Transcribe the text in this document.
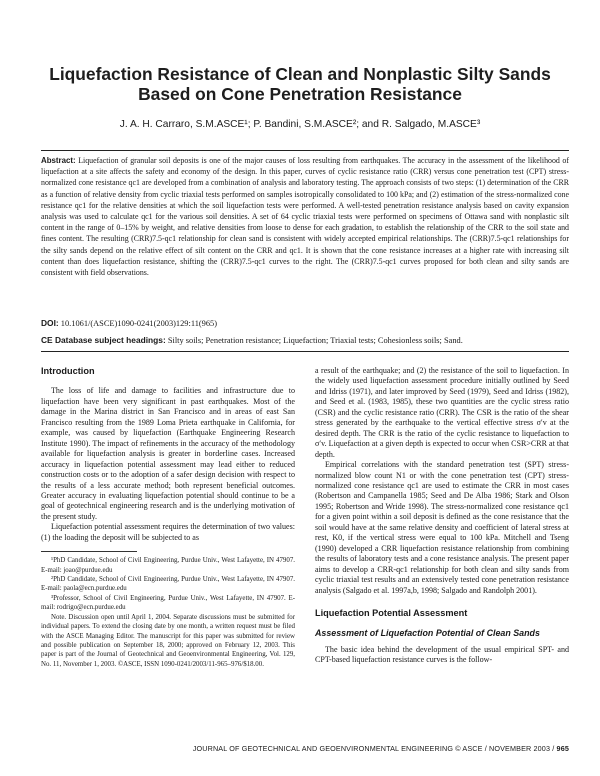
Liquefaction Resistance of Clean and Nonplastic Silty Sands
Based on Cone Penetration Resistance
J. A. H. Carraro, S.M.ASCE¹; P. Bandini, S.M.ASCE²; and R. Salgado, M.ASCE³
Abstract: Liquefaction of granular soil deposits is one of the major causes of loss resulting from earthquakes. The accuracy in the assessment of the likelihood of liquefaction at a site affects the safety and economy of the design. In this paper, curves of cyclic resistance ratio (CRR) versus cone penetration test (CPT) stress-normalized cone resistance qc1 are developed from a combination of analysis and laboratory testing. The approach consists of two steps: (1) determination of the CRR as a function of relative density from cyclic triaxial tests performed on samples isotropically consolidated to 100 kPa; and (2) estimation of the stress-normalized cone resistance qc1 for the relative densities at which the soil liquefaction tests were performed. A well-tested penetration resistance analysis based on cavity expansion analysis was used to calculate qc1 for the various soil densities. A set of 64 cyclic triaxial tests were performed on specimens of Ottawa sand with nonplastic silt content in the range of 0–15% by weight, and relative densities from loose to dense for each gradation, to establish the relationship of the CRR to the soil state and fines content. The resulting (CRR)7.5-qc1 relationship for clean sand is consistent with widely accepted empirical relationships. The (CRR)7.5-qc1 relationships for the silty sands depend on the relative effect of silt content on the CRR and qc1. It is shown that the cone resistance increases at a higher rate with increasing silt content than does liquefaction resistance, shifting the (CRR)7.5-qc1 curves to the right. The (CRR)7.5-qc1 curves proposed for both clean and silty sands are consistent with field observations.
DOI: 10.1061/(ASCE)1090-0241(2003)129:11(965)
CE Database subject headings: Silty soils; Penetration resistance; Liquefaction; Triaxial tests; Cohesionless soils; Sand.
Introduction

The loss of life and damage to facilities and infrastructure due to liquefaction have been very significant in past earthquakes. Most of the damage in the Marina district in San Francisco and in areas of east San Francisco resulting from the 1989 Loma Prieta earthquake in California, for example, was caused by liquefaction (Earthquake Engineering Research Institute 1990). The impact of refinements in the accuracy of the methodology available for liquefaction analysis is greater in borderline cases. Increased accuracy in liquefaction potential assessment may lead either to reduced construction costs or to the adoption of a safer design decision with respect to the results of a less accurate method; both represent beneficial outcomes. Greater accuracy in evaluating liquefaction potential should continue to be a goal of geotechnical engineering research and is the underlying motivation of the present study.

Liquefaction potential assessment requires the determination of two values: (1) the loading the deposit will be subjected to as

¹PhD Candidate, School of Civil Engineering, Purdue Univ., West Lafayette, IN 47907. E-mail: joao@purdue.edu

²PhD Candidate, School of Civil Engineering, Purdue Univ., West Lafayette, IN 47907. E-mail: paola@ecn.purdue.edu

³Professor, School of Civil Engineering, Purdue Univ., West Lafayette, IN 47907. E-mail: rodrigo@ecn.purdue.edu

Note. Discussion open until April 1, 2004. Separate discussions must be submitted for individual papers. To extend the closing date by one month, a written request must be filed with the ASCE Managing Editor. The manuscript for this paper was submitted for review and possible publication on September 18, 2000; approved on February 12, 2003. This paper is part of the Journal of Geotechnical and Geoenvironmental Engineering, Vol. 129, No. 11, November 1, 2003. ©ASCE, ISSN 1090-0241/2003/11-965–976/$18.00.

a result of the earthquake; and (2) the resistance of the soil to liquefaction. In the widely used liquefaction assessment procedure initially outlined by Seed and Idriss (1971), and later improved by Seed (1979), Seed and Idriss (1982), and Seed et al. (1983, 1985), these two quantities are the cyclic stress ratio (CSR) and the cyclic resistance ratio (CRR). The CSR is the ratio of the shear stress generated by the earthquake to the vertical effective stress σ′v at the desired depth. The CRR is the ratio of the cyclic resistance to liquefaction to σ′v. Liquefaction at a given depth is expected to occur when CSR>CRR at that depth.

Empirical correlations with the standard penetration test (SPT) stress-normalized blow count N1 or with the cone penetration test (CPT) stress-normalized cone resistance qc1 are used to estimate the CRR in most cases (Robertson and Campanella 1985; Seed and De Alba 1986; Stark and Olson 1995; Robertson and Wride 1998). The stress-normalized cone resistance qc1 for a given point within a soil deposit is defined as the cone resistance that the soil would have at the same relative density and coefficient of lateral stress at rest, K0, if the vertical stress were equal to 100 kPa. Mitchell and Tseng (1990) developed a CRR liquefaction resistance relationship from combining the results of laboratory tests and a cone resistance analysis. The present paper aims to develop a CRR-qc1 relationship for both clean and silty sands from cyclic triaxial test results and an extensively tested cone penetration resistance analysis (Salgado et al. 1997a,b, 1998; Salgado and Randolph 2001).

Liquefaction Potential Assessment
Assessment of Liquefaction Potential of Clean Sands

The basic idea behind the development of the usual empirical SPT- and CPT-based liquefaction resistance curves is the follow-

JOURNAL OF GEOTECHNICAL AND GEOENVIRONMENTAL ENGINEERING © ASCE / NOVEMBER 2003 / 965
